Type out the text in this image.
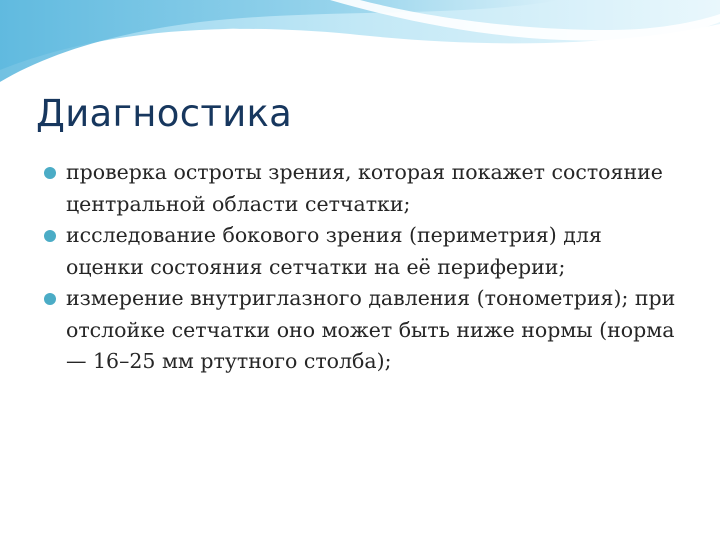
Диагностика
проверка остроты зрения, которая покажет состояние центральной области сетчатки;
исследование бокового зрения (периметрия) для оценки состояния сетчатки на её периферии;
измерение внутриглазного давления (тонометрия); при отслойке сетчатки оно может быть ниже нормы (норма — 16–25 мм ртутного столба);
